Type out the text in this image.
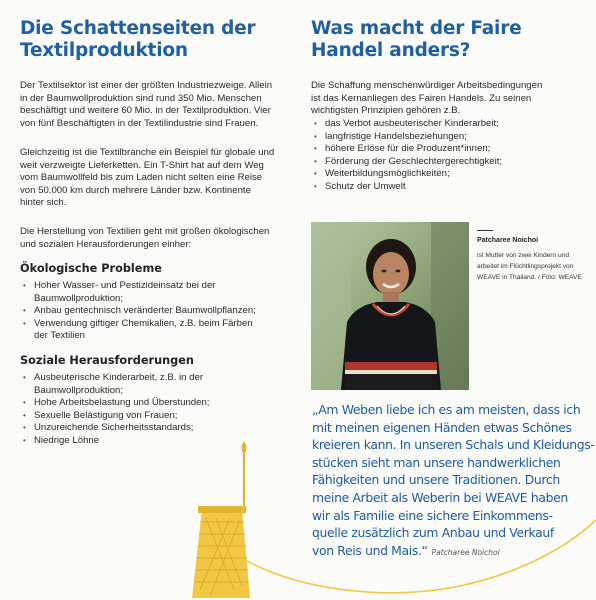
Die Schattenseiten der
Textilproduktion

Der Textilsektor ist einer der größten Industriezweige. Allein
in der Baumwollproduktion sind rund 350 Mio. Menschen
beschäftigt und weitere 60 Mio. in der Textilproduktion. Vier
von fünf Beschäftigten in der Textilindustrie sind Frauen.

Gleichzeitig ist die Textilbranche ein Beispiel für globale und
weit verzweigte Lieferketten. Ein T-Shirt hat auf dem Weg
vom Baumwollfeld bis zum Laden nicht selten eine Reise
von 50.000 km durch mehrere Länder bzw. Kontinente
hinter sich.

Die Herstellung von Textilien geht mit großen ökologischen
und sozialen Herausforderungen einher:

Ökologische Probleme
• Hoher Wasser- und Pestizideinsatz bei der
Baumwollproduktion;
• Anbau gentechnisch veränderter Baumwollpflanzen;
• Verwendung giftiger Chemikalien, z.B. beim Färben
der Textilien
Soziale Herausforderungen
• Ausbeuterische Kinderarbeit, z.B. in der
Baumwollproduktion;
• Hohe Arbeitsbelastung und Überstunden;
• Sexuelle Belästigung von Frauen;
• Unzureichende Sicherheitsstandards;
• Niedrige Löhne
Was macht der Faire
Handel anders?

Die Schaffung menschenwürdiger Arbeitsbedingungen
ist das Kernanliegen des Fairen Handels. Zu seinen
wichtigsten Prinzipien gehören z.B.

• das Verbot ausbeuterischer Kinderarbeit;
• langfristige Handelsbeziehungen;
• höhere Erlöse für die Produzent*innen;
• Förderung der Geschlechtergerechtigkeit;
• Weiterbildungsmöglichkeiten;
• Schutz der Umwelt
Patcharee Noichoi

ist Mutter von zwei Kindern und
arbeitet im Flüchtlingsprojekt von
WEAVE in Thailand. / Foto: WEAVE

„Am Weben liebe ich es am meisten, dass ich
mit meinen eigenen Händen etwas Schönes
kreieren kann. In unseren Schals und Kleidungs-
stücken sieht man unsere handwerklichen
Fähigkeiten und unsere Traditionen. Durch
meine Arbeit als Weberin bei WEAVE haben
wir als Familie eine sichere Einkommens-
quelle zusätzlich zum Anbau und Verkauf
von Reis und Mais.“ Patcharee Noichoi
